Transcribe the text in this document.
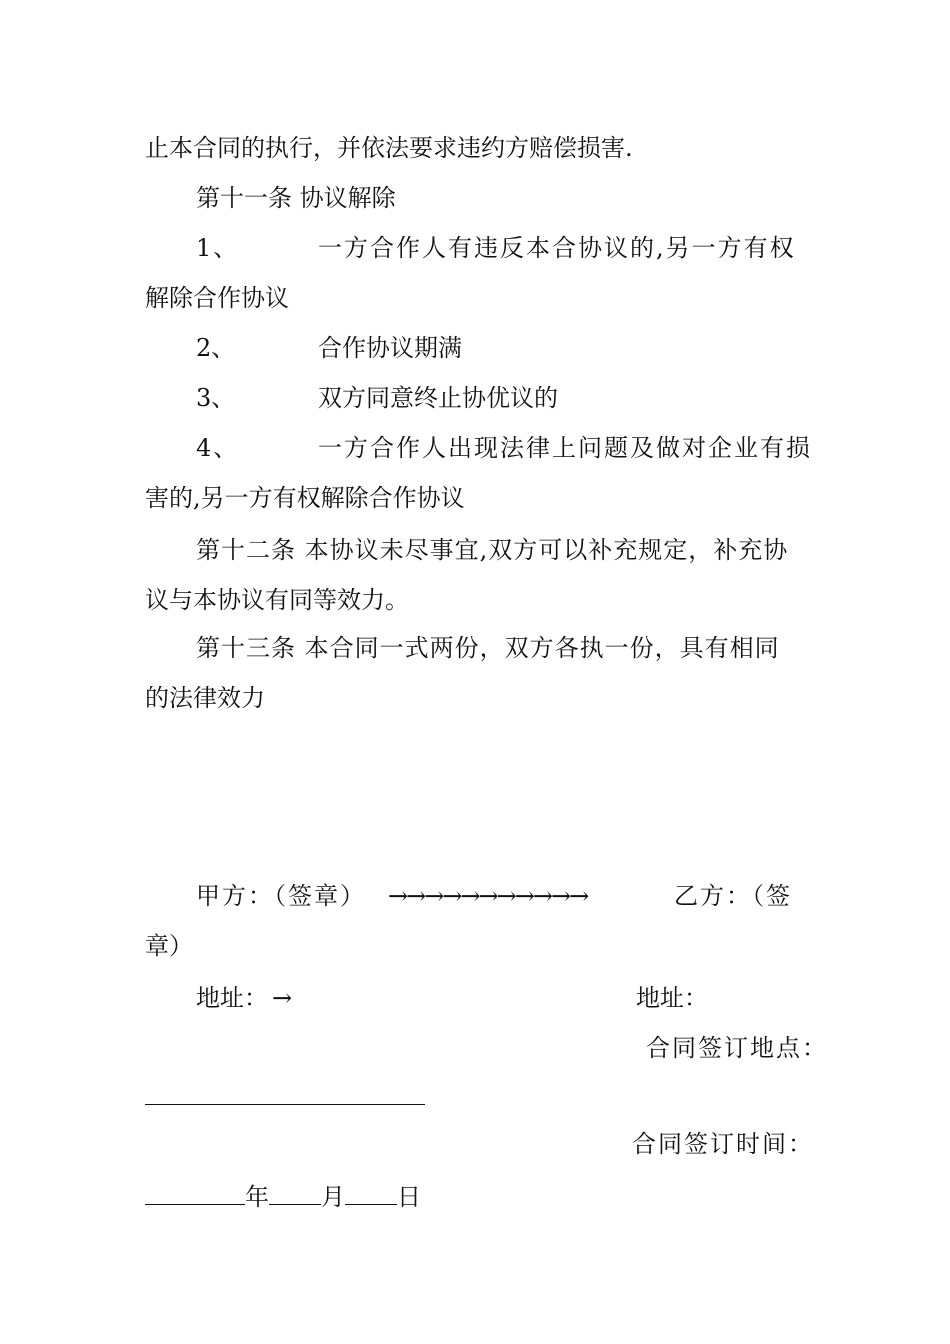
止本合同的执行，并依法要求违约方赔偿损害.
第十一条 协议解除
1、	一方合作人有违反本合协议的,另一方有权
解除合作协议
2、	合作协议期满
3、	双方同意终止协优议的
4、	一方合作人出现法律上问题及做对企业有损
害的,另一方有权解除合作协议
第十二条 本协议未尽事宜,双方可以补充规定，补充协
议与本协议有同等效力。
第十三条 本合同一式两份，双方各执一份，具有相同
的法律效力
甲方：（签章） →→→→→→→→→→→	乙方：（签
章）
地址： →	地址：
合同签订地点：
合同签订时间：
年 月 日
